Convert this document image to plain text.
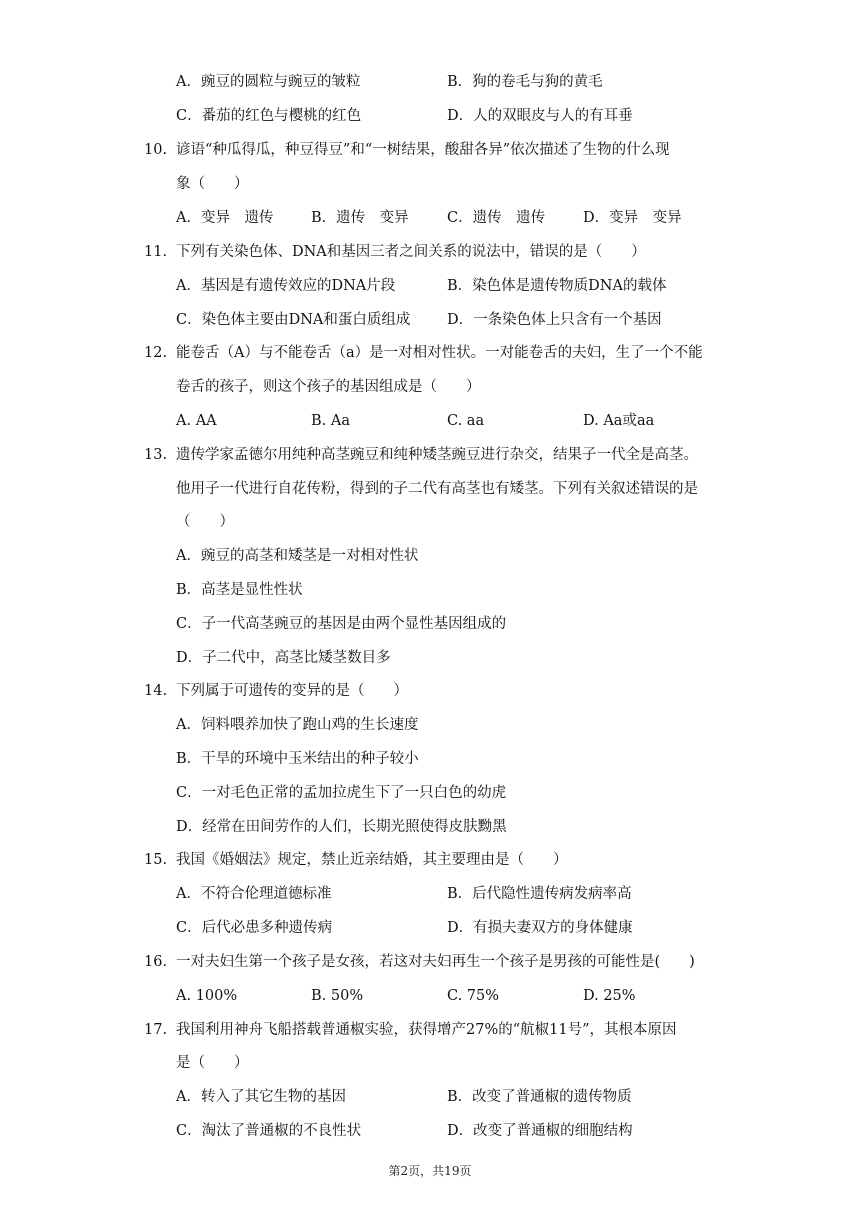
A．豌豆的圆粒与豌豆的皱粒	B．狗的卷毛与狗的黄毛
C．番茄的红色与樱桃的红色	D．人的双眼皮与人的有耳垂
10. 谚语“种瓜得瓜，种豆得豆”和“一树结果，酸甜各异”依次描述了生物的什么现
象（　　）
A．变异　遗传	B．遗传　变异	C．遗传　遗传	D．变异　变异
11. 下列有关染色体、DNA和基因三者之间关系的说法中，错误的是（　　）
A．基因是有遗传效应的DNA片段	B．染色体是遗传物质DNA的载体
C．染色体主要由DNA和蛋白质组成	D．一条染色体上只含有一个基因
12. 能卷舌（A）与不能卷舌（a）是一对相对性状。一对能卷舌的夫妇，生了一个不能
卷舌的孩子，则这个孩子的基因组成是（　　）
A. AA	B. Aa	C. aa	D. Aa或aa
13. 遗传学家孟德尔用纯种高茎豌豆和纯种矮茎豌豆进行杂交，结果子一代全是高茎。
他用子一代进行自花传粉，得到的子二代有高茎也有矮茎。下列有关叙述错误的是
（　　）
A．豌豆的高茎和矮茎是一对相对性状
B．高茎是显性性状
C．子一代高茎豌豆的基因是由两个显性基因组成的
D．子二代中，高茎比矮茎数目多
14. 下列属于可遗传的变异的是（　　）
A．饲料喂养加快了跑山鸡的生长速度
B．干旱的环境中玉米结出的种子较小
C．一对毛色正常的孟加拉虎生下了一只白色的幼虎
D．经常在田间劳作的人们，长期光照使得皮肤黝黑
15. 我国《婚姻法》规定，禁止近亲结婚，其主要理由是（　　）
A．不符合伦理道德标准	B．后代隐性遗传病发病率高
C．后代必患多种遗传病	D．有损夫妻双方的身体健康
16. 一对夫妇生第一个孩子是女孩，若这对夫妇再生一个孩子是男孩的可能性是(　　)
A. 100%	B. 50%	C. 75%	D. 25%
17. 我国利用神舟飞船搭载普通椒实验，获得增产27%的“航椒11号”，其根本原因
是（　　）
A．转入了其它生物的基因	B．改变了普通椒的遗传物质
C．淘汰了普通椒的不良性状	D．改变了普通椒的细胞结构
第2页，共19页
